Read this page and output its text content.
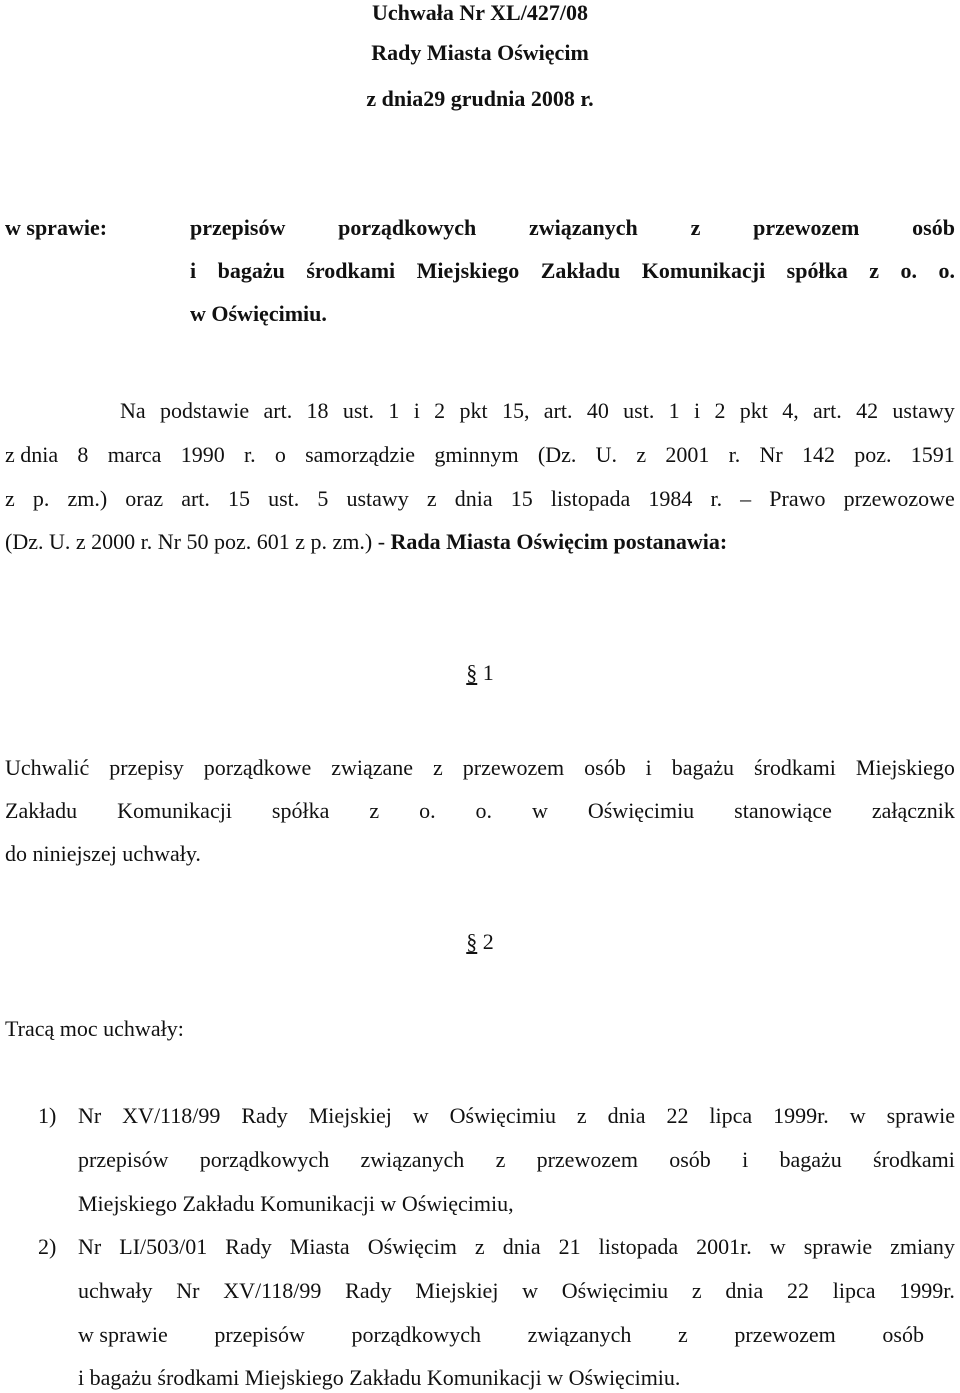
Uchwała Nr XL/427/08
Rady Miasta Oświęcim
z dnia29 grudnia 2008 r.
w sprawie:	przepisów porządkowych związanych z przewozem osób
i bagażu środkami Miejskiego Zakładu Komunikacji spółka z o. o.
w Oświęcimiu.
Na podstawie art. 18 ust. 1 i 2 pkt 15, art. 40 ust. 1 i 2 pkt 4, art. 42 ustawy
z dnia 8 marca 1990 r. o samorządzie gminnym (Dz. U. z 2001 r. Nr 142 poz. 1591
z p. zm.) oraz art. 15 ust. 5 ustawy z dnia 15 listopada 1984 r. – Prawo przewozowe
(Dz. U. z 2000 r. Nr 50 poz. 601 z p. zm.) - Rada Miasta Oświęcim postanawia:
§ 1
Uchwalić przepisy porządkowe związane z przewozem osób i bagażu środkami Miejskiego
Zakładu Komunikacji spółka z o. o. w Oświęcimiu stanowiące załącznik
do niniejszej uchwały.
§ 2
Tracą moc uchwały:
1) Nr XV/118/99 Rady Miejskiej w Oświęcimiu z dnia 22 lipca 1999r. w sprawie
przepisów porządkowych związanych z przewozem osób i bagażu środkami
Miejskiego Zakładu Komunikacji w Oświęcimiu,
2) Nr LI/503/01 Rady Miasta Oświęcim z dnia 21 listopada 2001r. w sprawie zmiany
uchwały Nr XV/118/99 Rady Miejskiej w Oświęcimiu z dnia 22 lipca 1999r.
w sprawie przepisów porządkowych związanych z przewozem osób
i bagażu środkami Miejskiego Zakładu Komunikacji w Oświęcimiu.
